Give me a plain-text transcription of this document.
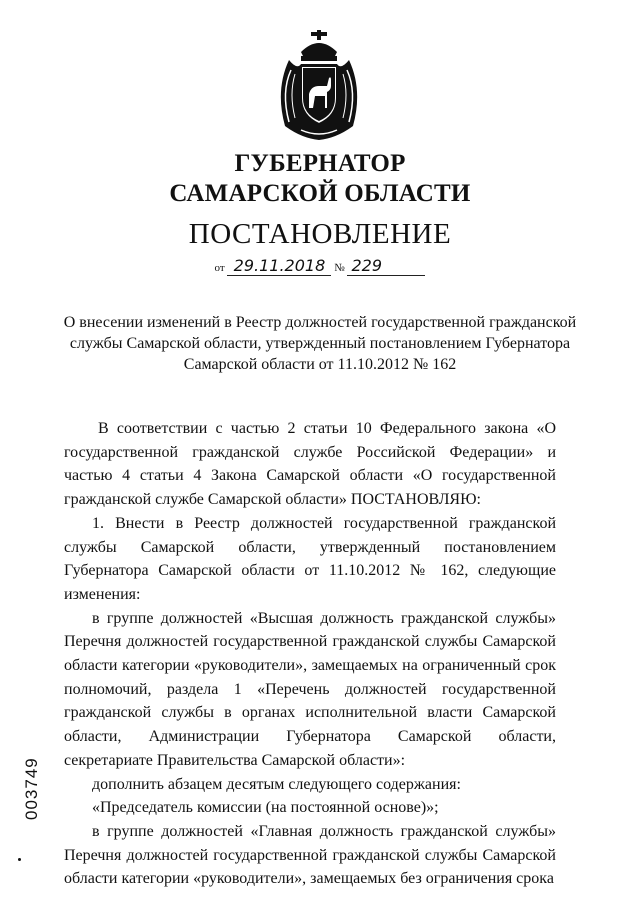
ГУБЕРНАТОР
САМАРСКОЙ ОБЛАСТИ
ПОСТАНОВЛЕНИЕ
от 29.11.2018 № 229
О внесении изменений в Реестр должностей государственной гражданской службы Самарской области, утвержденный постановлением Губернатора Самарской области от 11.10.2012 № 162

В соответствии с частью 2 статьи 10 Федерального закона «О государственной гражданской службе Российской Федерации» и частью 4 статьи 4 Закона Самарской области «О государственной гражданской службе Самарской области» ПОСТАНОВЛЯЮ:

1. Внести в Реестр должностей государственной гражданской службы Самарской области, утвержденный постановлением Губернатора Самарской области от 11.10.2012 № 162, следующие изменения:

в группе должностей «Высшая должность гражданской службы» Перечня должностей государственной гражданской службы Самарской области категории «руководители», замещаемых на ограниченный срок полномочий, раздела 1 «Перечень должностей государственной гражданской службы в органах исполнительной власти Самарской области, Администрации Губернатора Самарской области, секретариате Правительства Самарской области»:

дополнить абзацем десятым следующего содержания:

«Председатель комиссии (на постоянной основе)»;

в группе должностей «Главная должность гражданской службы» Перечня должностей государственной гражданской службы Самарской области категории «руководители», замещаемых без ограничения срока

003749
